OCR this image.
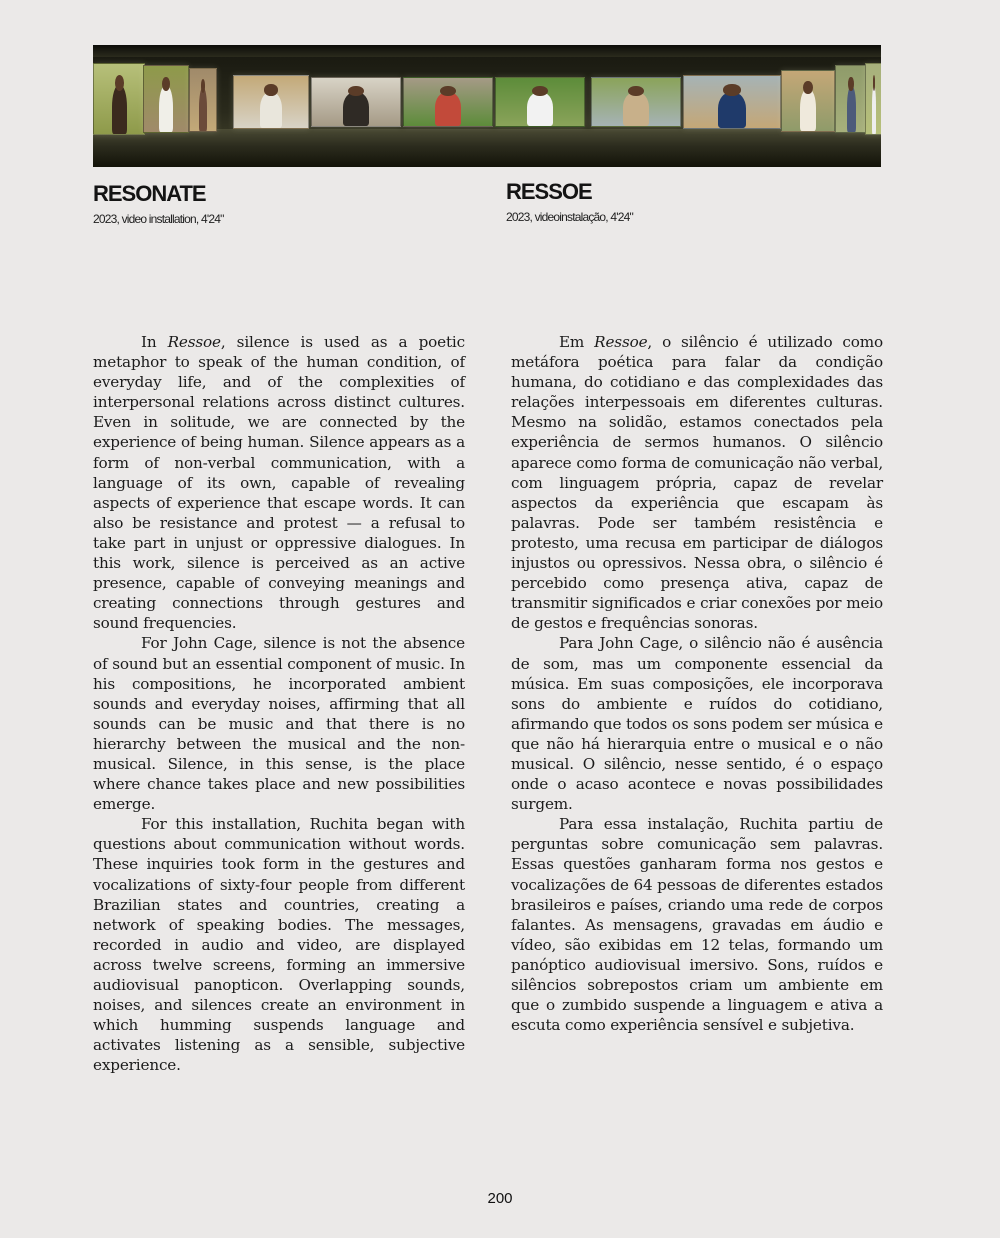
RESONATE

2023, video installation, 4'24"

RESSOE

2023, videoinstalação, 4'24"

In Ressoe, silence is used as a poetic metaphor to speak of the human condition, of everyday life, and of the complexities of interpersonal relations across distinct cultures. Even in solitude, we are connected by the experience of being human. Silence appears as a form of non-verbal communication, with a language of its own, capable of revealing aspects of experience that escape words. It can also be resistance and protest — a refusal to take part in unjust or oppressive dialogues. In this work, silence is perceived as an active presence, capable of conveying meanings and creating connections through gestures and sound frequencies.

For John Cage, silence is not the absence of sound but an essential component of music. In his compositions, he incorporated ambient sounds and everyday noises, affirming that all sounds can be music and that there is no hierarchy between the musical and the non-musical. Silence, in this sense, is the place where chance takes place and new possibilities emerge.

For this installation, Ruchita began with questions about communication without words. These inquiries took form in the gestures and vocalizations of sixty-four people from different Brazilian states and countries, creating a network of speaking bodies. The messages, recorded in audio and video, are displayed across twelve screens, forming an immersive audiovisual panopticon. Overlapping sounds, noises, and silences create an environment in which humming suspends language and activates listening as a sensible, subjective experience.

Em Ressoe, o silêncio é utilizado como metáfora poética para falar da condição humana, do cotidiano e das complexidades das relações interpessoais em diferentes culturas. Mesmo na solidão, estamos conectados pela experiência de sermos humanos. O silêncio aparece como forma de comunicação não verbal, com linguagem própria, capaz de revelar aspectos da experiência que escapam às palavras. Pode ser também resistência e protesto, uma recusa em participar de diálogos injustos ou opressivos. Nessa obra, o silêncio é percebido como presença ativa, capaz de transmitir significados e criar conexões por meio de gestos e frequências sonoras.

Para John Cage, o silêncio não é ausência de som, mas um componente essencial da música. Em suas composições, ele incorporava sons do ambiente e ruídos do cotidiano, afirmando que todos os sons podem ser música e que não há hierarquia entre o musical e o não musical. O silêncio, nesse sentido, é o espaço onde o acaso acontece e novas possibilidades surgem.

Para essa instalação, Ruchita partiu de perguntas sobre comunicação sem palavras. Essas questões ganharam forma nos gestos e vocalizações de 64 pessoas de diferentes estados brasileiros e países, criando uma rede de corpos falantes. As mensagens, gravadas em áudio e vídeo, são exibidas em 12 telas, formando um panóptico audiovisual imersivo. Sons, ruídos e silêncios sobrepostos criam um ambiente em que o zumbido suspende a linguagem e ativa a escuta como experiência sensível e subjetiva.

200
